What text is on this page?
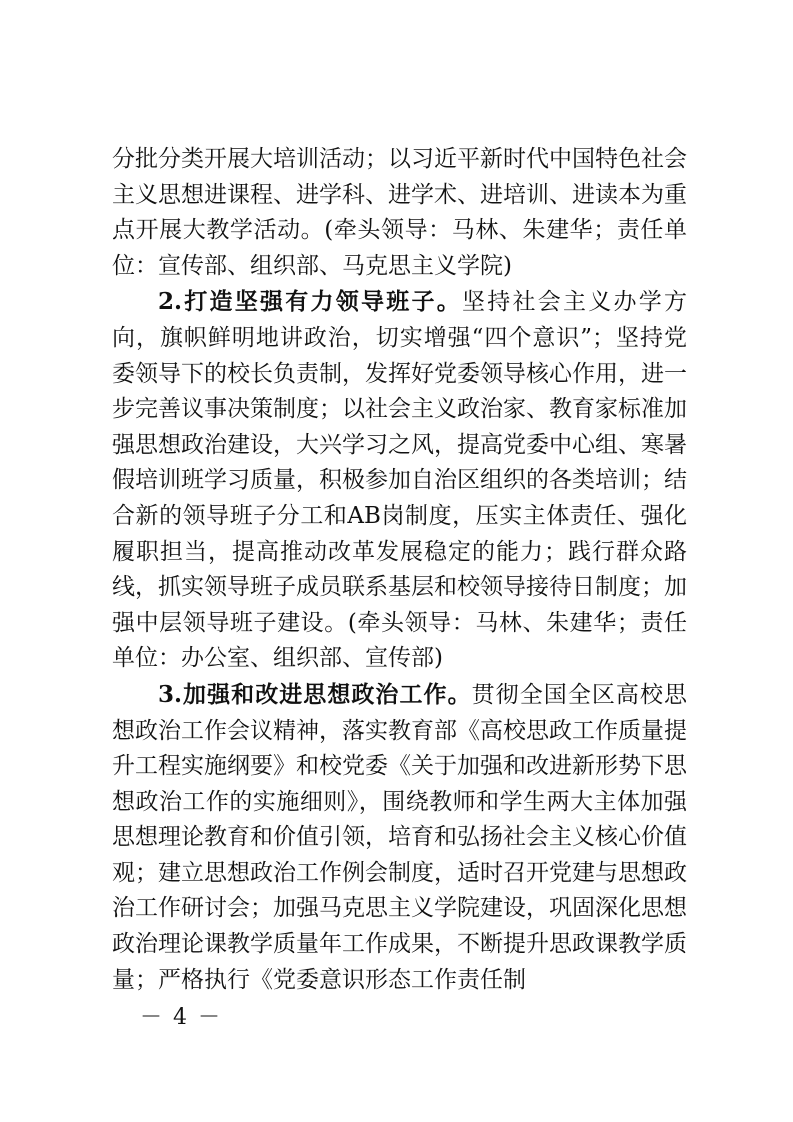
分批分类开展大培训活动；以习近平新时代中国特色社会主义思想进课程、进学科、进学术、进培训、进读本为重点开展大教学活动。(牵头领导：马林、朱建华；责任单位：宣传部、组织部、马克思主义学院)

2.打造坚强有力领导班子。坚持社会主义办学方向，旗帜鲜明地讲政治，切实增强“四个意识”；坚持党委领导下的校长负责制，发挥好党委领导核心作用，进一步完善议事决策制度；以社会主义政治家、教育家标准加强思想政治建设，大兴学习之风，提高党委中心组、寒暑假培训班学习质量，积极参加自治区组织的各类培训；结合新的领导班子分工和AB岗制度，压实主体责任、强化履职担当，提高推动改革发展稳定的能力；践行群众路线，抓实领导班子成员联系基层和校领导接待日制度；加强中层领导班子建设。(牵头领导：马林、朱建华；责任单位：办公室、组织部、宣传部)

3.加强和改进思想政治工作。贯彻全国全区高校思想政治工作会议精神，落实教育部《高校思政工作质量提升工程实施纲要》和校党委《关于加强和改进新形势下思想政治工作的实施细则》，围绕教师和学生两大主体加强思想理论教育和价值引领，培育和弘扬社会主义核心价值观；建立思想政治工作例会制度，适时召开党建与思想政治工作研讨会；加强马克思主义学院建设，巩固深化思想政治理论课教学质量年工作成果，不断提升思政课教学质量；严格执行《党委意识形态工作责任制

－ 4 －
